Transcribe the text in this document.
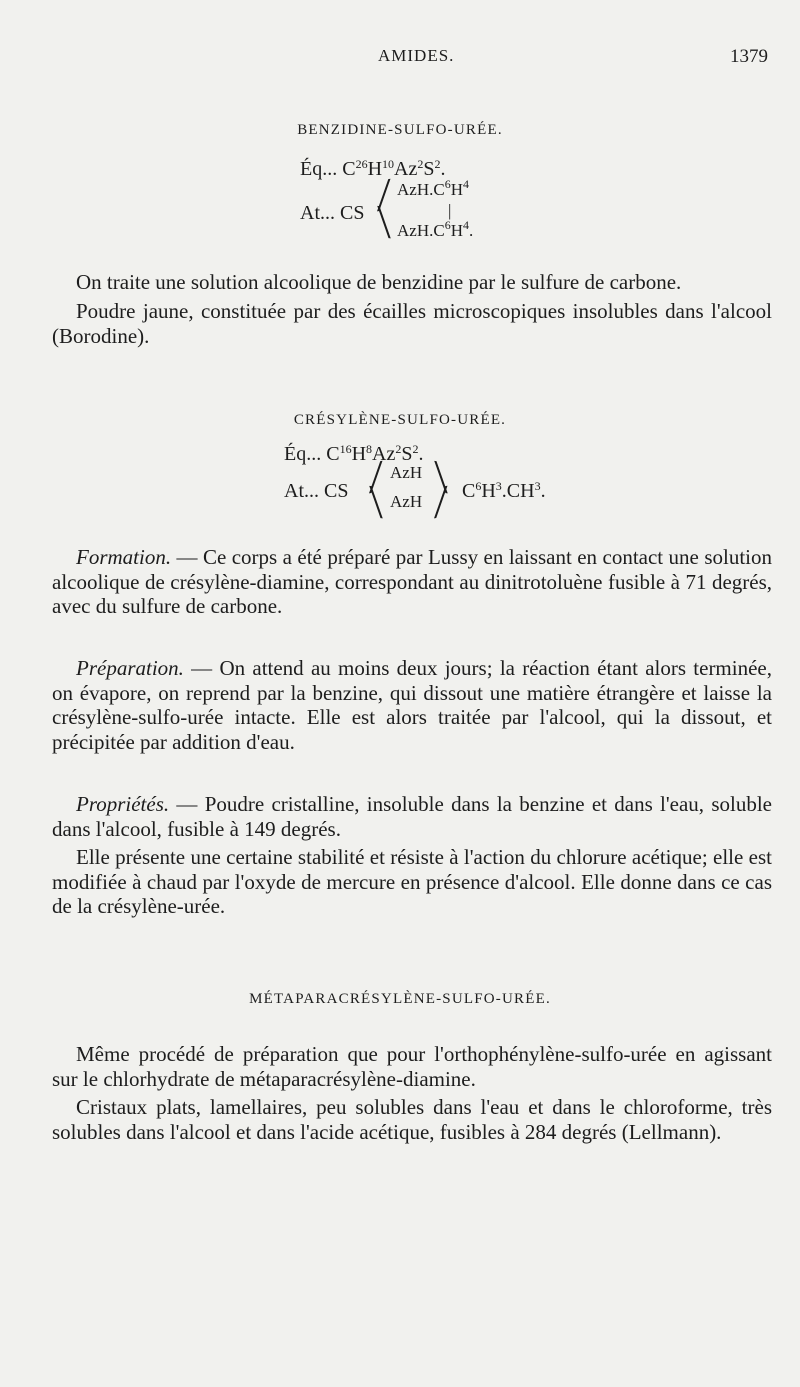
AMIDES.	1379
BENZIDINE-SULFO-URÉE.
Éq... $C^{26}H^{10}Az^2S^2$.
At... CS
╱
╲
$AzH.C^6H^4$
|
$AzH.C^6H^4$.
On traite une solution alcoolique de benzidine par le sulfure de carbone.
Poudre jaune, constituée par des écailles microscopiques insolubles dans l'alcool (Borodine).
CRÉSYLÈNE-SULFO-URÉE.
Éq... $C^{16}H^8Az^2S^2$.
At... CS ╱
╲
AzH
AzH
╲
╱ $C^6H^3.CH^3$.
Formation. — Ce corps a été préparé par Lussy en laissant en contact une solution alcoolique de crésylène-diamine, correspondant au dinitrotoluène fusible à 71 degrés, avec du sulfure de carbone.
Préparation. — On attend au moins deux jours; la réaction étant alors terminée, on évapore, on reprend par la benzine, qui dissout une matière étrangère et laisse la crésylène-sulfo-urée intacte. Elle est alors traitée par l'alcool, qui la dissout, et précipitée par addition d'eau.
Propriétés. — Poudre cristalline, insoluble dans la benzine et dans l'eau, soluble dans l'alcool, fusible à 149 degrés.
Elle présente une certaine stabilité et résiste à l'action du chlorure acétique; elle est modifiée à chaud par l'oxyde de mercure en présence d'alcool. Elle donne dans ce cas de la crésylène-urée.
MÉTAPARACRÉSYLÈNE-SULFO-URÉE.
Même procédé de préparation que pour l'orthophénylène-sulfo-urée en agissant sur le chlorhydrate de métaparacrésylène-diamine.
Cristaux plats, lamellaires, peu solubles dans l'eau et dans le chloroforme, très solubles dans l'alcool et dans l'acide acétique, fusibles à 284 degrés (Lellmann).
